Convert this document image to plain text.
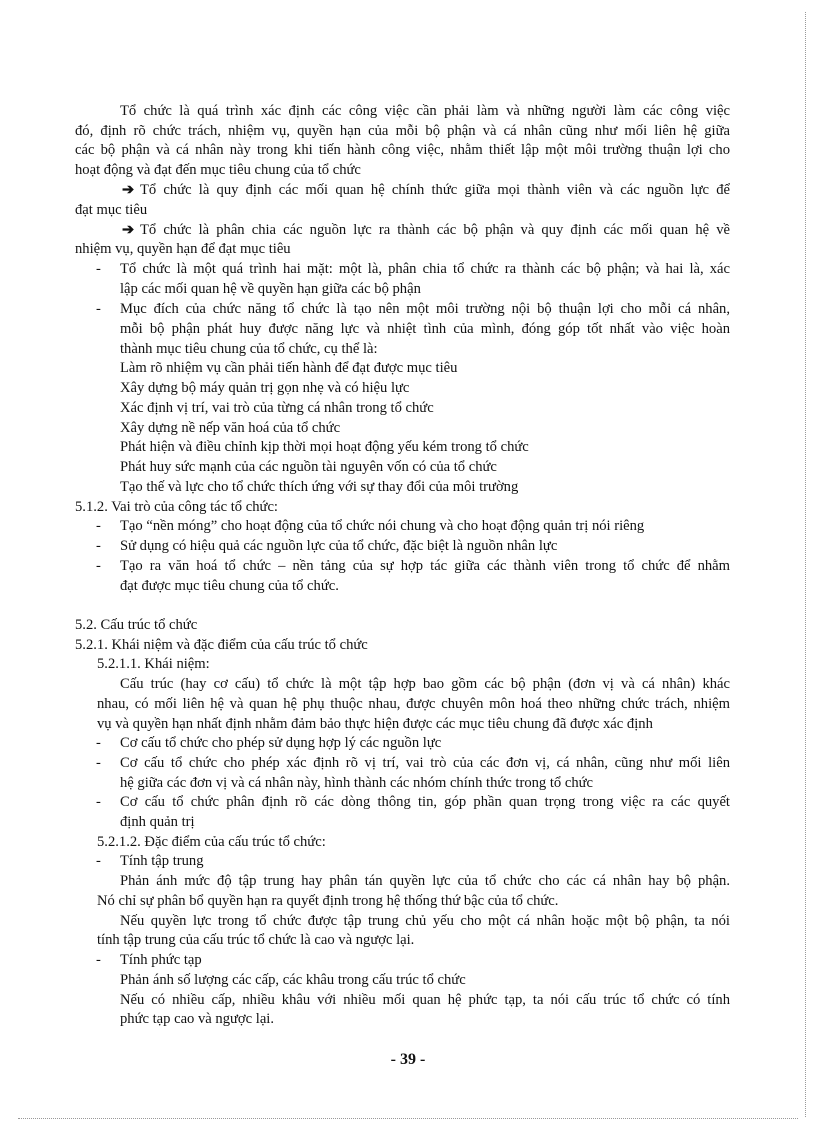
Tổ chức là quá trình xác định các công việc cần phải làm và những người làm các công việc
đó, định rõ chức trách, nhiệm vụ, quyền hạn của mỗi bộ phận và cá nhân cũng như mối liên hệ giữa
các bộ phận và cá nhân này trong khi tiến hành công việc, nhằm thiết lập một môi trường thuận lợi cho
hoạt động và đạt đến mục tiêu chung của tổ chức
➔ Tổ chức là quy định các mối quan hệ chính thức giữa mọi thành viên và các nguồn lực để
đạt mục tiêu
➔ Tổ chức là phân chia các nguồn lực ra thành các bộ phận và quy định các mối quan hệ về
nhiệm vụ, quyền hạn để đạt mục tiêu
- Tổ chức là một quá trình hai mặt: một là, phân chia tổ chức ra thành các bộ phận; và hai là, xác
lập các mối quan hệ về quyền hạn giữa các bộ phận
- Mục đích của chức năng tổ chức là tạo nên một môi trường nội bộ thuận lợi cho mỗi cá nhân,
mỗi bộ phận phát huy được năng lực và nhiệt tình của mình, đóng góp tốt nhất vào việc hoàn
thành mục tiêu chung của tổ chức, cụ thể là:
Làm rõ nhiệm vụ cần phải tiến hành để đạt được mục tiêu
Xây dựng bộ máy quản trị gọn nhẹ và có hiệu lực
Xác định vị trí, vai trò của từng cá nhân trong tổ chức
Xây dựng nề nếp văn hoá của tổ chức
Phát hiện và điều chỉnh kịp thời mọi hoạt động yếu kém trong tổ chức
Phát huy sức mạnh của các nguồn tài nguyên vốn có của tổ chức
Tạo thế và lực cho tổ chức thích ứng với sự thay đổi của môi trường
5.1.2. Vai trò của công tác tổ chức:
- Tạo “nền móng” cho hoạt động của tổ chức nói chung và cho hoạt động quản trị nói riêng
- Sử dụng có hiệu quả các nguồn lực của tổ chức, đặc biệt là nguồn nhân lực
- Tạo ra văn hoá tổ chức – nền tảng của sự hợp tác giữa các thành viên trong tổ chức để nhằm
đạt được mục tiêu chung của tổ chức.
5.2. Cấu trúc tổ chức
5.2.1. Khái niệm và đặc điểm của cấu trúc tổ chức
5.2.1.1. Khái niệm:
Cấu trúc (hay cơ cấu) tổ chức là một tập hợp bao gồm các bộ phận (đơn vị và cá nhân) khác
nhau, có mối liên hệ và quan hệ phụ thuộc nhau, được chuyên môn hoá theo những chức trách, nhiệm
vụ và quyền hạn nhất định nhằm đảm bảo thực hiện được các mục tiêu chung đã được xác định
- Cơ cấu tổ chức cho phép sử dụng hợp lý các nguồn lực
- Cơ cấu tổ chức cho phép xác định rõ vị trí, vai trò của các đơn vị, cá nhân, cũng như mối liên
hệ giữa các đơn vị và cá nhân này, hình thành các nhóm chính thức trong tổ chức
- Cơ cấu tổ chức phân định rõ các dòng thông tin, góp phần quan trọng trong việc ra các quyết
định quản trị
5.2.1.2. Đặc điểm của cấu trúc tổ chức:
- Tính tập trung
Phản ánh mức độ tập trung hay phân tán quyền lực của tổ chức cho các cá nhân hay bộ phận.
Nó chỉ sự phân bổ quyền hạn ra quyết định trong hệ thống thứ bậc của tổ chức.
Nếu quyền lực trong tổ chức được tập trung chủ yếu cho một cá nhân hoặc một bộ phận, ta nói
tính tập trung của cấu trúc tổ chức là cao và ngược lại.
- Tính phức tạp
Phản ánh số lượng các cấp, các khâu trong cấu trúc tổ chức
Nếu có nhiều cấp, nhiều khâu với nhiều mối quan hệ phức tạp, ta nói cấu trúc tổ chức có tính
phức tạp cao và ngược lại.
- 39 -
